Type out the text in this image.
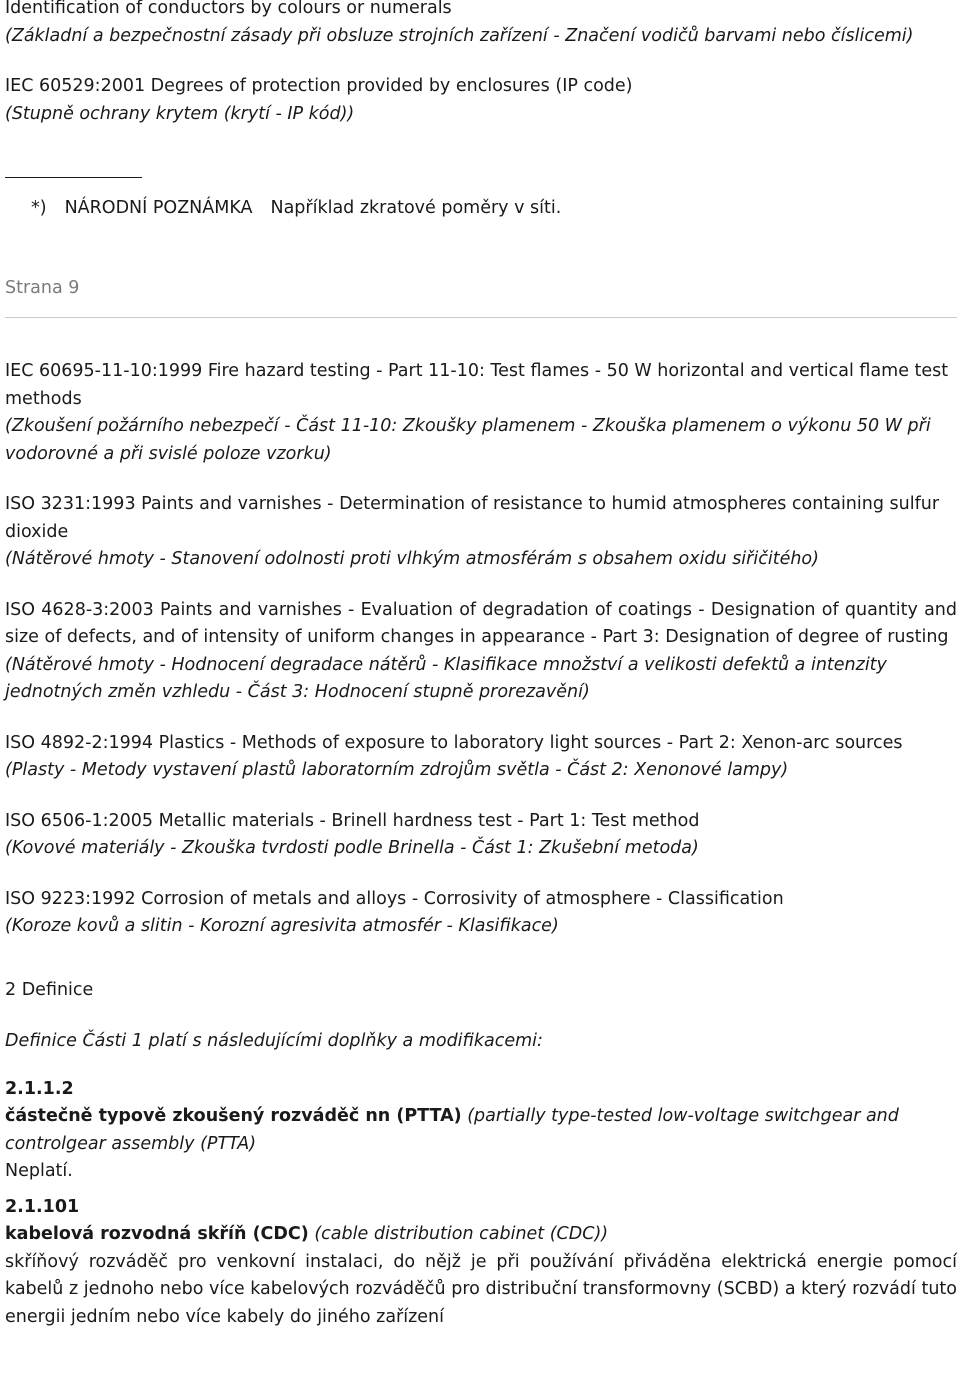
Identification of conductors by colours or numerals

(Základní a bezpečnostní zásady při obsluze strojních zařízení - Značení vodičů barvami nebo číslicemi)

IEC 60529:2001 Degrees of protection provided by enclosures (IP code)

(Stupně ochrany krytem (krytí - IP kód))

*) NÁRODNÍ POZNÁMKA Například zkratové poměry v síti.

Strana 9

IEC 60695-11-10:1999 Fire hazard testing - Part 11-10: Test flames - 50 W horizontal and vertical flame test methods

(Zkoušení požárního nebezpečí - Část 11-10: Zkoušky plamenem - Zkouška plamenem o výkonu 50 W při vodorovné a při svislé poloze vzorku)

ISO 3231:1993 Paints and varnishes - Determination of resistance to humid atmospheres containing sulfur dioxide

(Nátěrové hmoty - Stanovení odolnosti proti vlhkým atmosférám s obsahem oxidu siřičitého)

ISO 4628-3:2003 Paints and varnishes - Evaluation of degradation of coatings - Designation of quantity and size of defects, and of intensity of uniform changes in appearance - Part 3: Designation of degree of rusting

(Nátěrové hmoty - Hodnocení degradace nátěrů - Klasifikace množství a velikosti defektů a intenzity jednotných změn vzhledu - Část 3: Hodnocení stupně prorezavění)

ISO 4892-2:1994 Plastics - Methods of exposure to laboratory light sources - Part 2: Xenon-arc sources

(Plasty - Metody vystavení plastů laboratorním zdrojům světla - Část 2: Xenonové lampy)

ISO 6506-1:2005 Metallic materials - Brinell hardness test - Part 1: Test method

(Kovové materiály - Zkouška tvrdosti podle Brinella - Část 1: Zkušební metoda)

ISO 9223:1992 Corrosion of metals and alloys - Corrosivity of atmosphere - Classification

(Koroze kovů a slitin - Korozní agresivita atmosfér - Klasifikace)

2 Definice

Definice Části 1 platí s následujícími doplňky a modifikacemi:

2.1.1.2

částečně typově zkoušený rozváděč nn (PTTA) (partially type-tested low-voltage switchgear and controlgear assembly (PTTA)

Neplatí.

2.1.101

kabelová rozvodná skříň (CDC) (cable distribution cabinet (CDC))

skříňový rozváděč pro venkovní instalaci, do nějž je při používání přiváděna elektrická energie pomocí kabelů z jednoho nebo více kabelových rozváděčů pro distribuční transformovny (SCBD) a který rozvádí tuto energii jedním nebo více kabely do jiného zařízení
